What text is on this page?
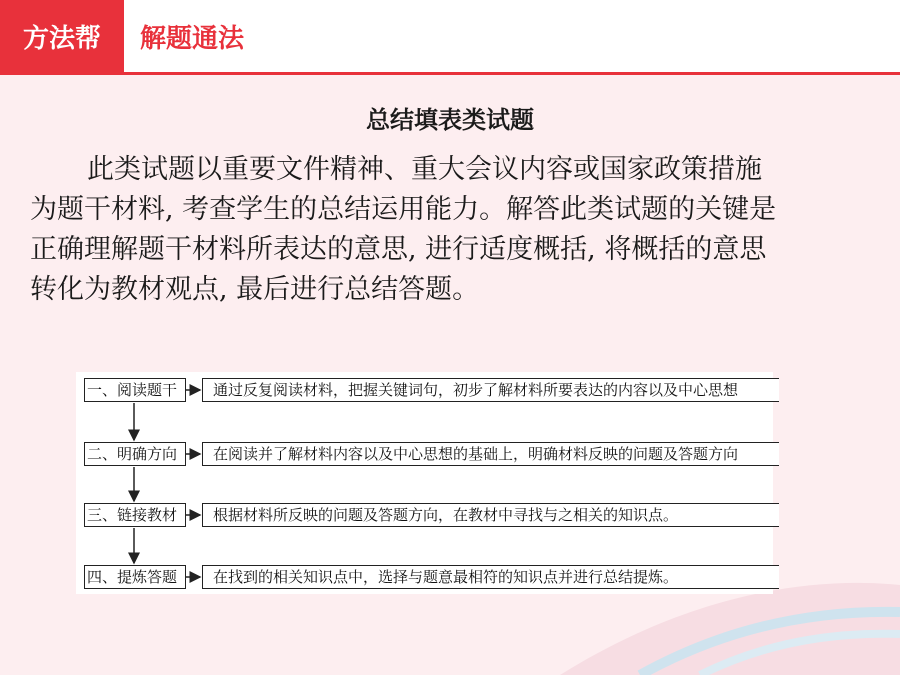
方法帮	解题通法
总结填表类试题
此类试题以重要文件精神、重大会议内容或国家政策措施
为题干材料, 考查学生的总结运用能力。解答此类试题的关键是
正确理解题干材料所表达的意思, 进行适度概括, 将概括的意思
转化为教材观点, 最后进行总结答题。
一、阅读题干	通过反复阅读材料，把握关键词句，初步了解材料所要表达的内容以及中心思想
二、明确方向	在阅读并了解材料内容以及中心思想的基础上，明确材料反映的问题及答题方向
三、链接教材	根据材料所反映的问题及答题方向，在教材中寻找与之相关的知识点。
四、提炼答题	在找到的相关知识点中，选择与题意最相符的知识点并进行总结提炼。
